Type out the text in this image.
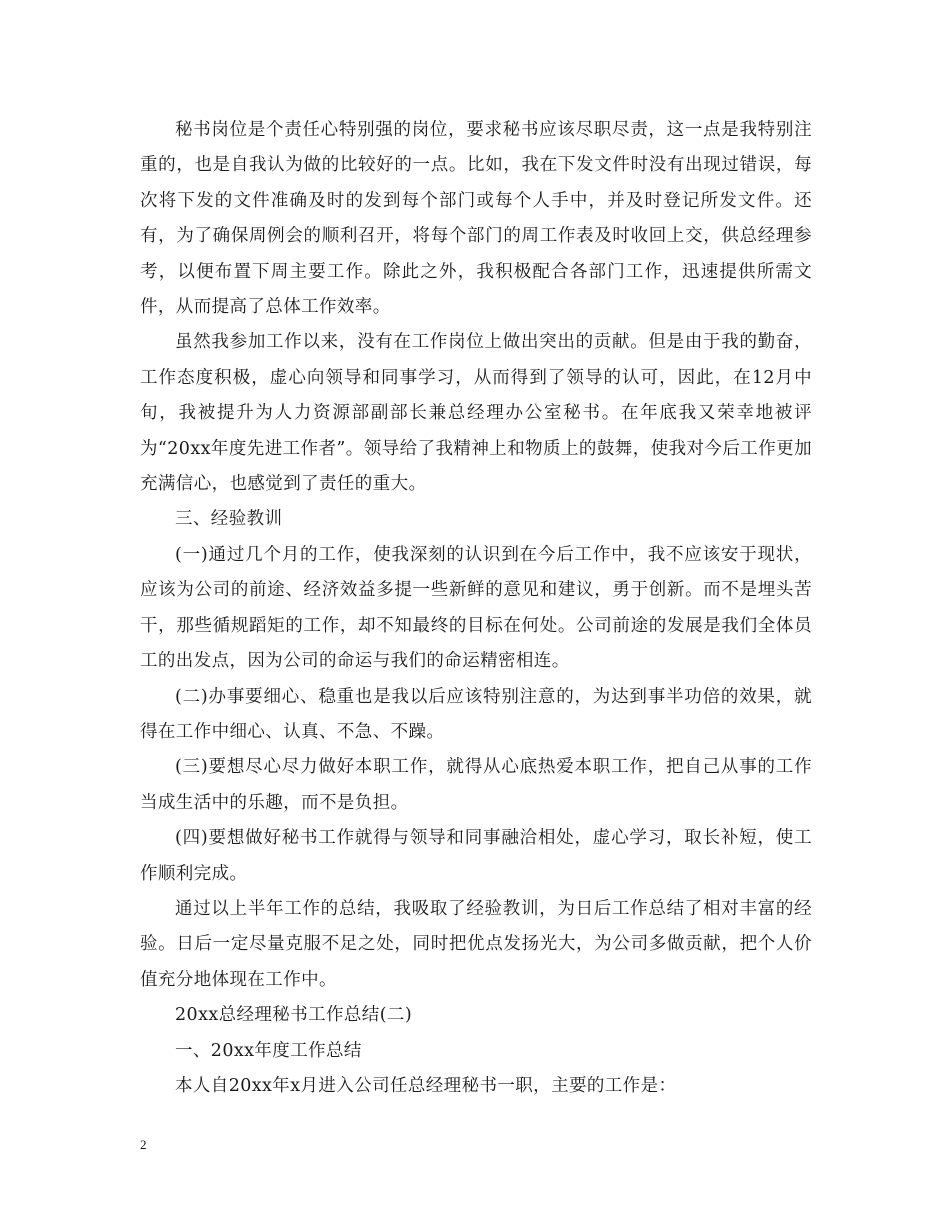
秘书岗位是个责任心特别强的岗位，要求秘书应该尽职尽责，这一点是我特别注重的，也是自我认为做的比较好的一点。比如，我在下发文件时没有出现过错误，每次将下发的文件准确及时的发到每个部门或每个人手中，并及时登记所发文件。还有，为了确保周例会的顺利召开，将每个部门的周工作表及时收回上交，供总经理参考，以便布置下周主要工作。除此之外，我积极配合各部门工作，迅速提供所需文件，从而提高了总体工作效率。

虽然我参加工作以来，没有在工作岗位上做出突出的贡献。但是由于我的勤奋，工作态度积极，虚心向领导和同事学习，从而得到了领导的认可，因此，在12月中旬，我被提升为人力资源部副部长兼总经理办公室秘书。在年底我又荣幸地被评为“20xx年度先进工作者”。领导给了我精神上和物质上的鼓舞，使我对今后工作更加充满信心，也感觉到了责任的重大。

三、经验教训

(一)通过几个月的工作，使我深刻的认识到在今后工作中，我不应该安于现状，应该为公司的前途、经济效益多提一些新鲜的意见和建议，勇于创新。而不是埋头苦干，那些循规蹈矩的工作，却不知最终的目标在何处。公司前途的发展是我们全体员工的出发点，因为公司的命运与我们的命运精密相连。

(二)办事要细心、稳重也是我以后应该特别注意的，为达到事半功倍的效果，就得在工作中细心、认真、不急、不躁。

(三)要想尽心尽力做好本职工作，就得从心底热爱本职工作，把自己从事的工作当成生活中的乐趣，而不是负担。

(四)要想做好秘书工作就得与领导和同事融洽相处，虚心学习，取长补短，使工作顺利完成。

通过以上半年工作的总结，我吸取了经验教训，为日后工作总结了相对丰富的经验。日后一定尽量克服不足之处，同时把优点发扬光大，为公司多做贡献，把个人价值充分地体现在工作中。

20xx总经理秘书工作总结(二)

一、20xx年度工作总结

本人自20xx年x月进入公司任总经理秘书一职，主要的工作是：

2
